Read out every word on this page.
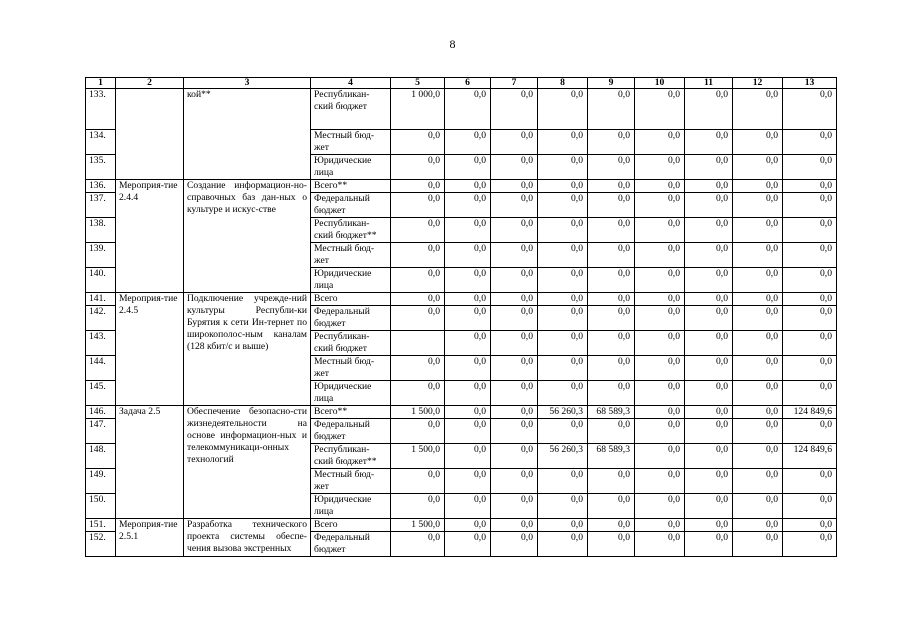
8
1	2	3	4	5	6	7	8	9	10	11	12	13
133.		кой**	Республикан-ский бюджет	1 000,0	0,0	0,0	0,0	0,0	0,0	0,0	0,0	0,0
134.			Местный бюд-жет	0,0	0,0	0,0	0,0	0,0	0,0	0,0	0,0	0,0
135.			Юридические лица	0,0	0,0	0,0	0,0	0,0	0,0	0,0	0,0	0,0
136.	Мероприя-тие 2.4.4	Создание информацион-но-справочных баз дан-ных о культуре и искус-стве	Всего**	0,0	0,0	0,0	0,0	0,0	0,0	0,0	0,0	0,0
137.			Федеральный бюджет	0,0	0,0	0,0	0,0	0,0	0,0	0,0	0,0	0,0
138.			Республикан-ский бюджет**	0,0	0,0	0,0	0,0	0,0	0,0	0,0	0,0	0,0
139.			Местный бюд-жет	0,0	0,0	0,0	0,0	0,0	0,0	0,0	0,0	0,0
140.			Юридические лица	0,0	0,0	0,0	0,0	0,0	0,0	0,0	0,0	0,0
141.	Мероприя-тие 2.4.5	Подключение учрежде-ний культуры Республи-ки Бурятия к сети Ин-тернет по широкополос-ным каналам (128 кбит/с и выше)	Всего	0,0	0,0	0,0	0,0	0,0	0,0	0,0	0,0	0,0
142.			Федеральный бюджет	0,0	0,0	0,0	0,0	0,0	0,0	0,0	0,0	0,0
143.			Республикан-ский бюджет		0,0	0,0	0,0	0,0	0,0	0,0	0,0	0,0
144.			Местный бюд-жет	0,0	0,0	0,0	0,0	0,0	0,0	0,0	0,0	0,0
145.			Юридические лица	0,0	0,0	0,0	0,0	0,0	0,0	0,0	0,0	0,0
146.	Задача 2.5	Обеспечение безопасно-сти жизнедеятельности на основе информацион-ных и телекоммуникаци-онных технологий	Всего**	1 500,0	0,0	0,0	56 260,3	68 589,3	0,0	0,0	0,0	124 849,6
147.			Федеральный бюджет	0,0	0,0	0,0	0,0	0,0	0,0	0,0	0,0	0,0
148.			Республикан-ский бюджет**	1 500,0	0,0	0,0	56 260,3	68 589,3	0,0	0,0	0,0	124 849,6
149.			Местный бюд-жет	0,0	0,0	0,0	0,0	0,0	0,0	0,0	0,0	0,0
150.			Юридические лица	0,0	0,0	0,0	0,0	0,0	0,0	0,0	0,0	0,0
151.	Мероприя-тие 2.5.1	Разработка технического проекта системы обеспе-чения вызова экстренных	Всего	1 500,0	0,0	0,0	0,0	0,0	0,0	0,0	0,0	0,0
152.			Федеральный бюджет	0,0	0,0	0,0	0,0	0,0	0,0	0,0	0,0	0,0
